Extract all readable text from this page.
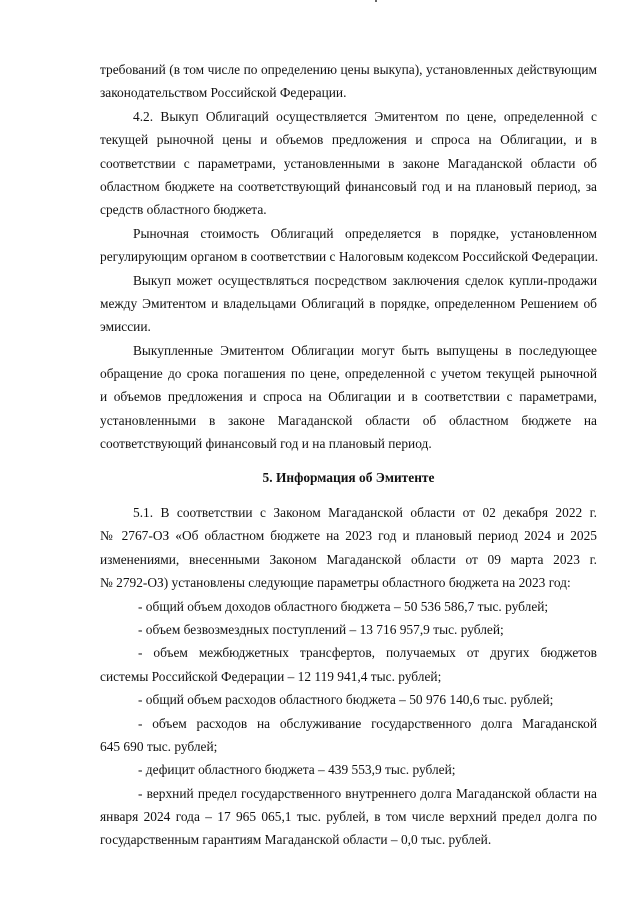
требований (в том числе по определению цены выкупа), установленных действующим
законодательством Российской Федерации.
4.2. Выкуп Облигаций осуществляется Эмитентом по цене, определенной с
текущей рыночной цены и объемов предложения и спроса на Облигации, и в
соответствии с параметрами, установленными в законе Магаданской области об
областном бюджете на соответствующий финансовый год и на плановый период, за
средств областного бюджета.
Рыночная стоимость Облигаций определяется в порядке, установленном
регулирующим органом в соответствии с Налоговым кодексом Российской Федерации.
Выкуп может осуществляться посредством заключения сделок купли-продажи
между Эмитентом и владельцами Облигаций в порядке, определенном Решением об
эмиссии.
Выкупленные Эмитентом Облигации могут быть выпущены в последующее
обращение до срока погашения по цене, определенной с учетом текущей рыночной
и объемов предложения и спроса на Облигации и в соответствии с параметрами,
установленными в законе Магаданской области об областном бюджете на
соответствующий финансовый год и на плановый период.
5. Информация об Эмитенте
5.1. В соответствии с Законом Магаданской области от 02 декабря 2022 г.
№ 2767-ОЗ «Об областном бюджете на 2023 год и плановый период 2024 и 2025
изменениями, внесенными Законом Магаданской области от 09 марта 2023 г.
№ 2792-ОЗ) установлены следующие параметры областного бюджета на 2023 год:
- общий объем доходов областного бюджета – 50 536 586,7 тыс. рублей;
- объем безвозмездных поступлений – 13 716 957,9 тыс. рублей;
- объем межбюджетных трансфертов, получаемых от других бюджетов
системы Российской Федерации – 12 119 941,4 тыс. рублей;
- общий объем расходов областного бюджета – 50 976 140,6 тыс. рублей;
- объем расходов на обслуживание государственного долга Магаданской
645 690 тыс. рублей;
- дефицит областного бюджета – 439 553,9 тыс. рублей;
- верхний предел государственного внутреннего долга Магаданской области на
января 2024 года – 17 965 065,1 тыс. рублей, в том числе верхний предел долга по
государственным гарантиям Магаданской области – 0,0 тыс. рублей.
